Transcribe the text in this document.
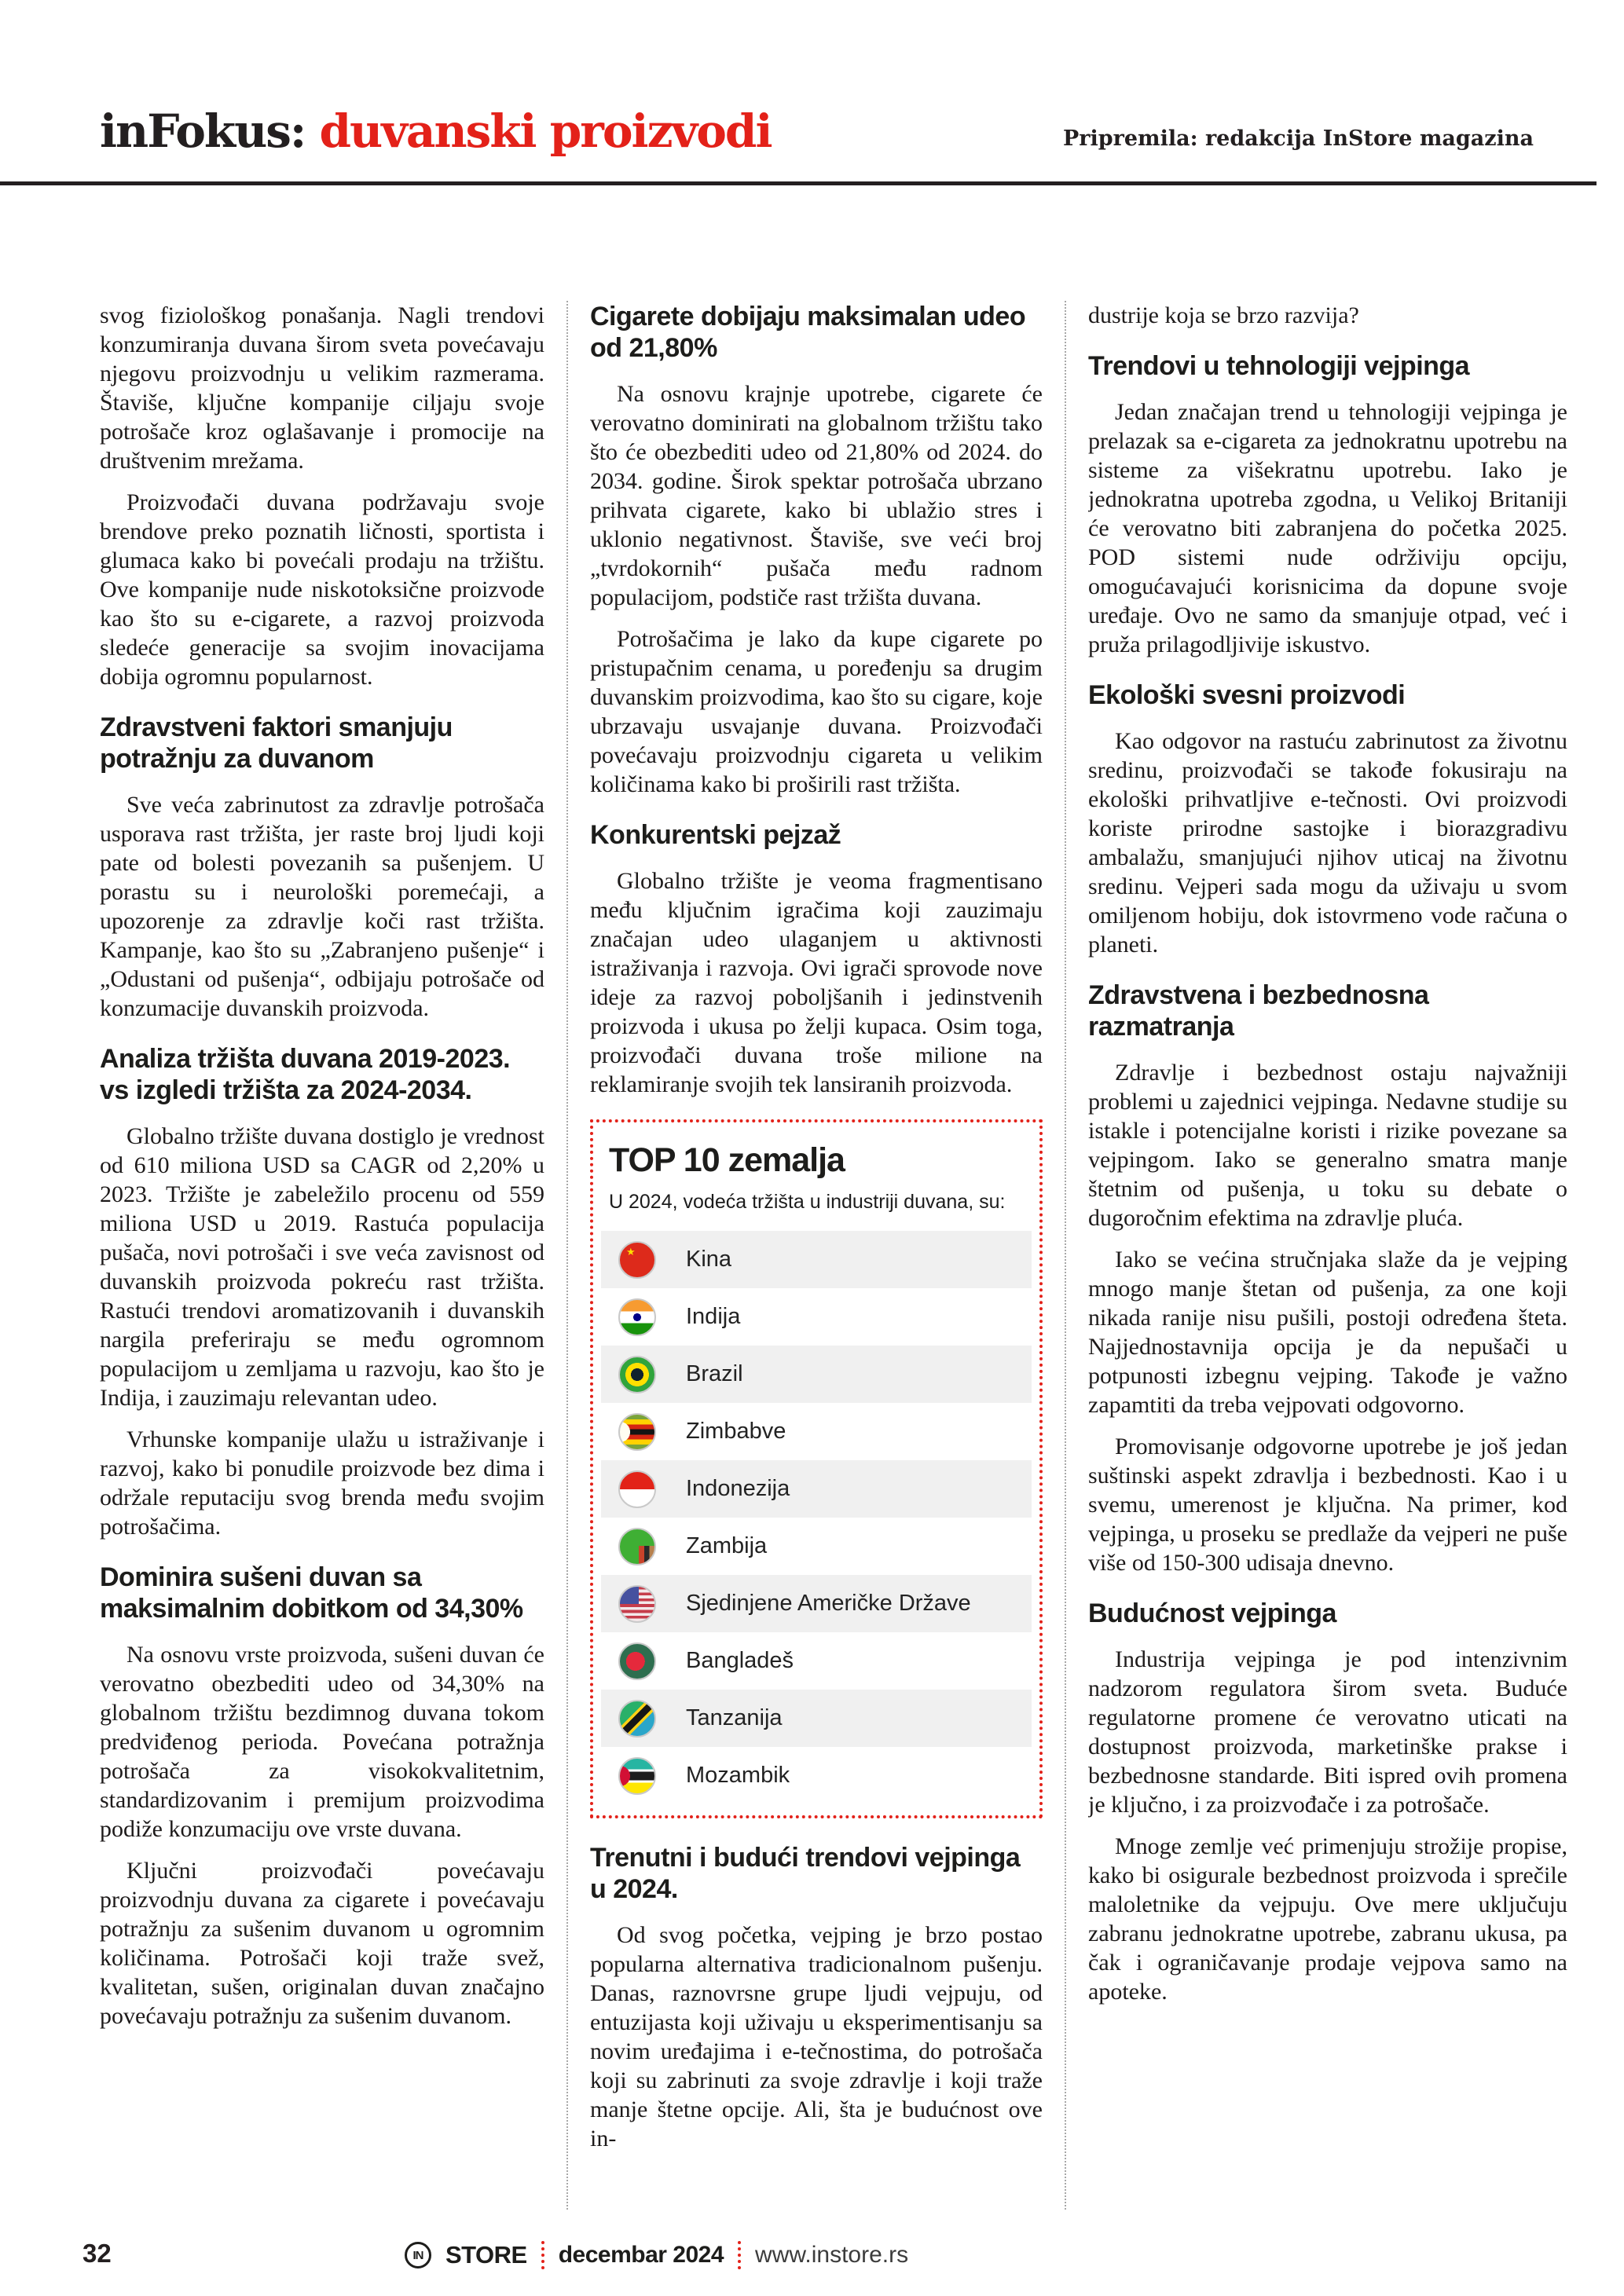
inFokus: duvanski proizvodi	Pripremila: redakcija InStore magazina

svog fiziološkog ponašanja. Nagli trendovi konzumiranja duvana širom sveta povećavaju njegovu proizvodnju u velikim razmerama. Štaviše, ključne kompanije ciljaju svoje potrošače kroz oglašavanje i promocije na društvenim mrežama.

Proizvođači duvana podržavaju svoje brendove preko poznatih ličnosti, sportista i glumaca kako bi povećali prodaju na tržištu. Ove kompanije nude niskotoksične proizvode kao što su e-cigarete, a razvoj proizvoda sledeće generacije sa svojim inovacijama dobija ogromnu popularnost.

Zdravstveni faktori smanjuju potražnju za duvanom

Sve veća zabrinutost za zdravlje potrošača usporava rast tržišta, jer raste broj ljudi koji pate od bolesti povezanih sa pušenjem. U porastu su i neurološki poremećaji, a upozorenje za zdravlje koči rast tržišta. Kampanje, kao što su „Zabranjeno pušenje“ i „Odustani od pušenja“, odbijaju potrošače od konzumacije duvanskih proizvoda.

Analiza tržišta duvana 2019-2023. vs izgledi tržišta za 2024-2034.

Globalno tržište duvana dostiglo je vrednost od 610 miliona USD sa CAGR od 2,20% u 2023. Tržište je zabeležilo procenu od 559 miliona USD u 2019. Rastuća populacija pušača, novi potrošači i sve veća zavisnost od duvanskih proizvoda pokreću rast tržišta. Rastući trendovi aromatizovanih i duvanskih nargila preferiraju se među ogromnom populacijom u zemljama u razvoju, kao što je Indija, i zauzimaju relevantan udeo.

Vrhunske kompanije ulažu u istraživanje i razvoj, kako bi ponudile proizvode bez dima i održale reputaciju svog brenda među svojim potrošačima.

Dominira sušeni duvan sa maksimalnim dobitkom od 34,30%

Na osnovu vrste proizvoda, sušeni duvan će verovatno obezbediti udeo od 34,30% na globalnom tržištu bezdimnog duvana tokom predviđenog perioda. Povećana potražnja potrošača za visokokvalitetnim, standardizovanim i premijum proizvodima podiže konzumaciju ove vrste duvana.

Ključni proizvođači povećavaju proizvodnju duvana za cigarete i povećavaju potražnju za sušenim duvanom u ogromnim količinama. Potrošači koji traže svež, kvalitetan, sušen, originalan duvan značajno povećavaju potražnju za sušenim duvanom.

Cigarete dobijaju maksimalan udeo od 21,80%

Na osnovu krajnje upotrebe, cigarete će verovatno dominirati na globalnom tržištu tako što će obezbediti udeo od 21,80% od 2024. do 2034. godine. Širok spektar potrošača ubrzano prihvata cigarete, kako bi ublažio stres i uklonio negativnost. Štaviše, sve veći broj „tvrdokornih“ pušača među radnom populacijom, podstiče rast tržišta duvana.

Potrošačima je lako da kupe cigarete po pristupačnim cenama, u poređenju sa drugim duvanskim proizvodima, kao što su cigare, koje ubrzavaju usvajanje duvana. Proizvođači povećavaju proizvodnju cigareta u velikim količinama kako bi proširili rast tržišta.

Konkurentski pejzaž

Globalno tržište je veoma fragmentisano među ključnim igračima koji zauzimaju značajan udeo ulaganjem u aktivnosti istraživanja i razvoja. Ovi igrači sprovode nove ideje za razvoj poboljšanih i jedinstvenih proizvoda i ukusa po želji kupaca. Osim toga, proizvođači duvana troše milione na reklamiranje svojih tek lansiranih proizvoda.

TOP 10 zemalja
U 2024, vodeća tržišta u industriji duvana, su:
★
Kina
Indija
Brazil
Zimbabve
Indonezija
Zambija
Sjedinjene Američke Države
Bangladeš
Tanzanija
Mozambik
Trenutni i budući trendovi vejpinga u 2024.

Od svog početka, vejping je brzo postao popularna alternativa tradicionalnom pušenju. Danas, raznovrsne grupe ljudi vejpuju, od entuzijasta koji uživaju u eksperimentisanju sa novim uređajima i e-tečnostima, do potrošača koji su zabrinuti za svoje zdravlje i koji traže manje štetne opcije. Ali, šta je budućnost ove in-

dustrije koja se brzo razvija?

Trendovi u tehnologiji vejpinga

Jedan značajan trend u tehnologiji vejpinga je prelazak sa e-cigareta za jednokratnu upotrebu na sisteme za višekratnu upotrebu. Iako je jednokratna upotreba zgodna, u Velikoj Britaniji će verovatno biti zabranjena do početka 2025. POD sistemi nude održiviju opciju, omogućavajući korisnicima da dopune svoje uređaje. Ovo ne samo da smanjuje otpad, već i pruža prilagodljivije iskustvo.

Ekološki svesni proizvodi

Kao odgovor na rastuću zabrinutost za životnu sredinu, proizvođači se takođe fokusiraju na ekološki prihvatljive e-tečnosti. Ovi proizvodi koriste prirodne sastojke i biorazgradivu ambalažu, smanjujući njihov uticaj na životnu sredinu. Vejperi sada mogu da uživaju u svom omiljenom hobiju, dok istovrmeno vode računa o planeti.

Zdravstvena i bezbednosna razmatranja

Zdravlje i bezbednost ostaju najvažniji problemi u zajednici vejpinga. Nedavne studije su istakle i potencijalne koristi i rizike povezane sa vejpingom. Iako se generalno smatra manje štetnim od pušenja, u toku su debate o dugoročnim efektima na zdravlje pluća.

Iako se većina stručnjaka slaže da je vejping mnogo manje štetan od pušenja, za one koji nikada ranije nisu pušili, postoji određena šteta. Najjednostavnija opcija je da nepušači u potpunosti izbegnu vejping. Takođe je važno zapamtiti da treba vejpovati odgovorno.

Promovisanje odgovorne upotrebe je još jedan suštinski aspekt zdravlja i bezbednosti. Kao i u svemu, umerenost je ključna. Na primer, kod vejpinga, u proseku se predlaže da vejperi ne puše više od 150-300 udisaja dnevno.

Budućnost vejpinga

Industrija vejpinga je pod intenzivnim nadzorom regulatora širom sveta. Buduće regulatorne promene će verovatno uticati na dostupnost proizvoda, marketinške prakse i bezbednosne standarde. Biti ispred ovih promena je ključno, i za proizvođače i za potrošače.

Mnoge zemlje već primenjuju strožije propise, kako bi osigurale bezbednost proizvoda i sprečile maloletnike da vejpuju. Ove mere uključuju zabranu jednokratne upotrebe, zabranu ukusa, pa čak i ograničavanje prodaje vejpova samo na apoteke.

32	IN STORE decembar 2024 www.instore.rs
